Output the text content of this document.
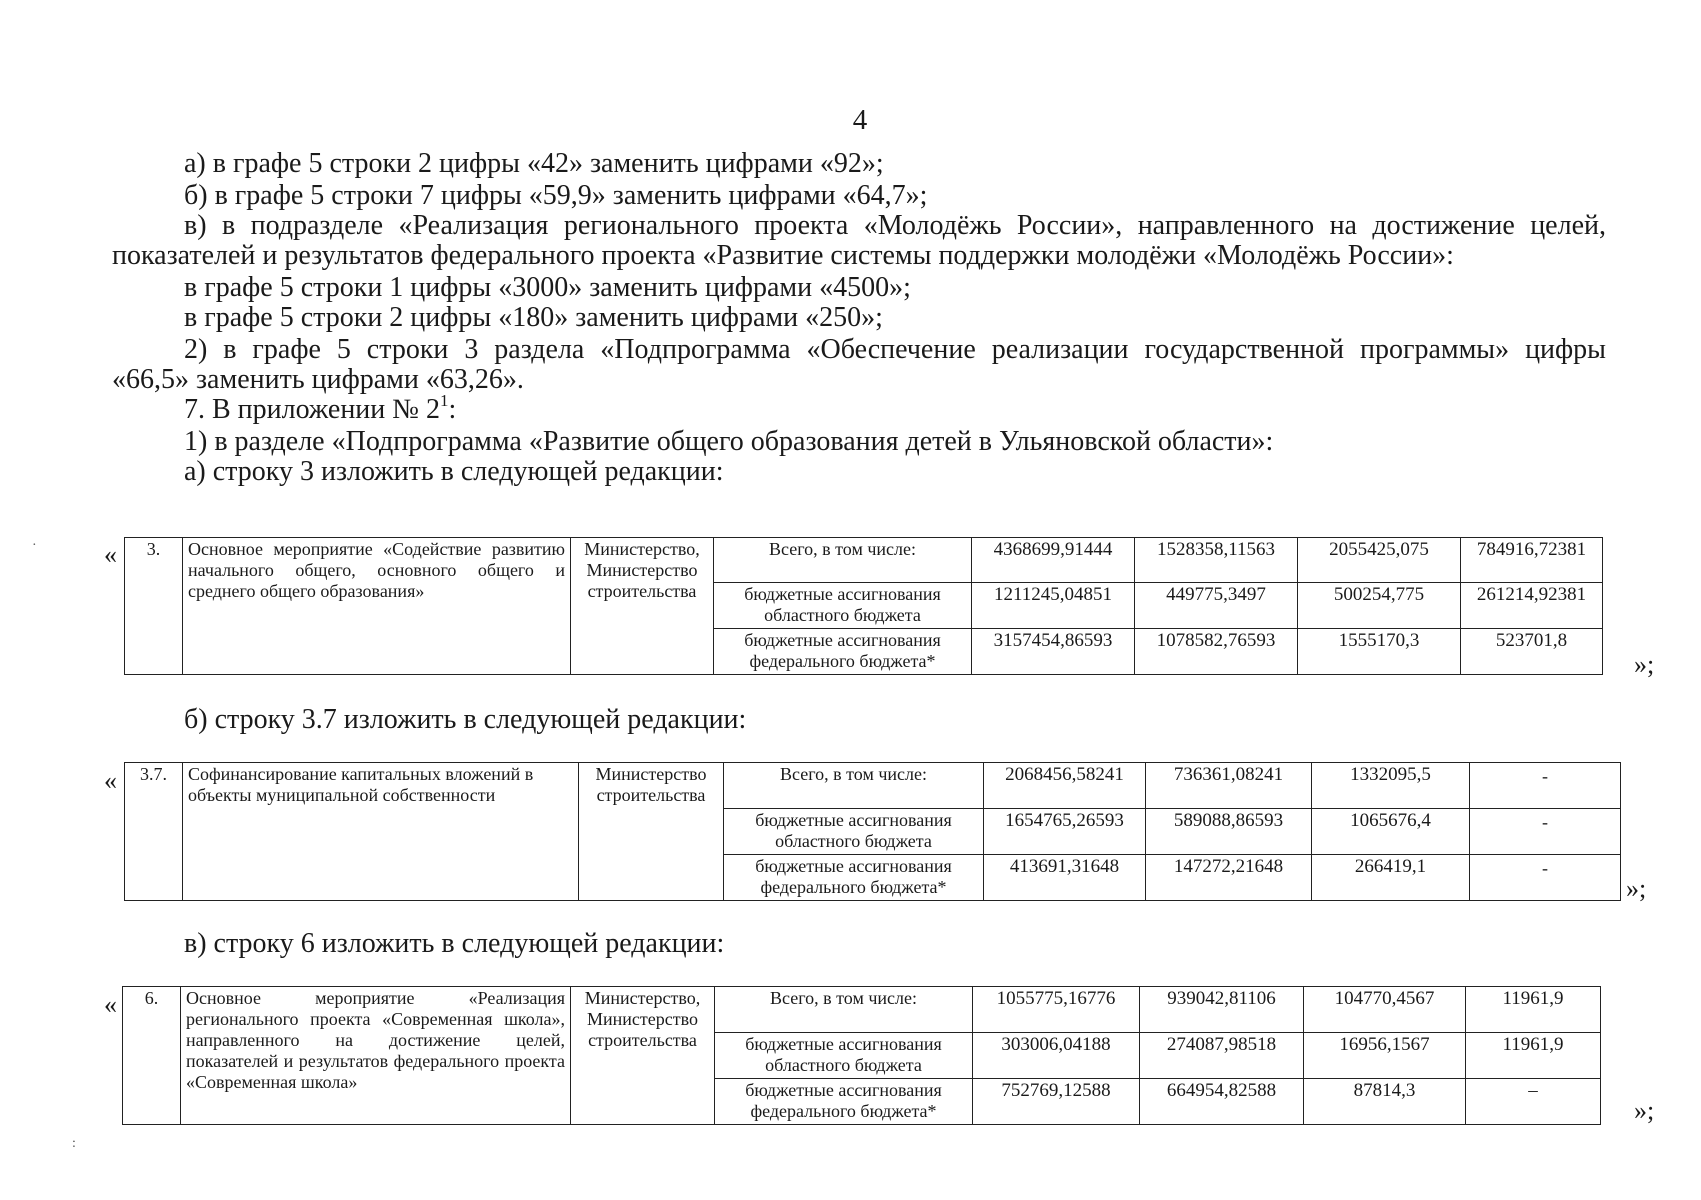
4
а) в графе 5 строки 2 цифры «42» заменить цифрами «92»;
б) в графе 5 строки 7 цифры «59,9» заменить цифрами «64,7»;
в) в подразделе «Реализация регионального проекта «Молодёжь России», направленного на достижение целей,
показателей и результатов федерального проекта «Развитие системы поддержки молодёжи «Молодёжь России»:
в графе 5 строки 1 цифры «3000» заменить цифрами «4500»;
в графе 5 строки 2 цифры «180» заменить цифрами «250»;
2) в графе 5 строки 3 раздела «Подпрограмма «Обеспечение реализации государственной программы» цифры
«66,5» заменить цифрами «63,26».
7. В приложении № $2^1$:
1) в разделе «Подпрограмма «Развитие общего образования детей в Ульяновской области»:
а) строку 3 изложить в следующей редакции:
« 3.	Основное мероприятие «Содействие развитию начального общего, основного общего и среднего общего образования»	Министерство, Министерство строительства	Всего, в том числе:	4368699,91444	1528358,11563	2055425,075	784916,72381
			бюджетные ассигнования областного бюджета	1211245,04851	449775,3497	500254,775	261214,92381
			бюджетные ассигнования федерального бюджета*	3157454,86593	1078582,76593	1555170,3	523701,8
»;
б) строку 3.7 изложить в следующей редакции:
« 3.7.	Софинансирование капитальных вложений в объекты муниципальной собственности	Министерство строительства	Всего, в том числе:	2068456,58241	736361,08241	1332095,5	-
			бюджетные ассигнования областного бюджета	1654765,26593	589088,86593	1065676,4	-
			бюджетные ассигнования федерального бюджета*	413691,31648	147272,21648	266419,1	-
»;
в) строку 6 изложить в следующей редакции:
« 6.	Основное мероприятие «Реализация регионального проекта «Современная школа», направленного на достижение целей, показателей и результатов федерального проекта «Современная школа»	Министерство, Министерство строительства	Всего, в том числе:	1055775,16776	939042,81106	104770,4567	11961,9
			бюджетные ассигнования областного бюджета	303006,04188	274087,98518	16956,1567	11961,9
			бюджетные ассигнования федерального бюджета*	752769,12588	664954,82588	87814,3	–
»;
:
·
